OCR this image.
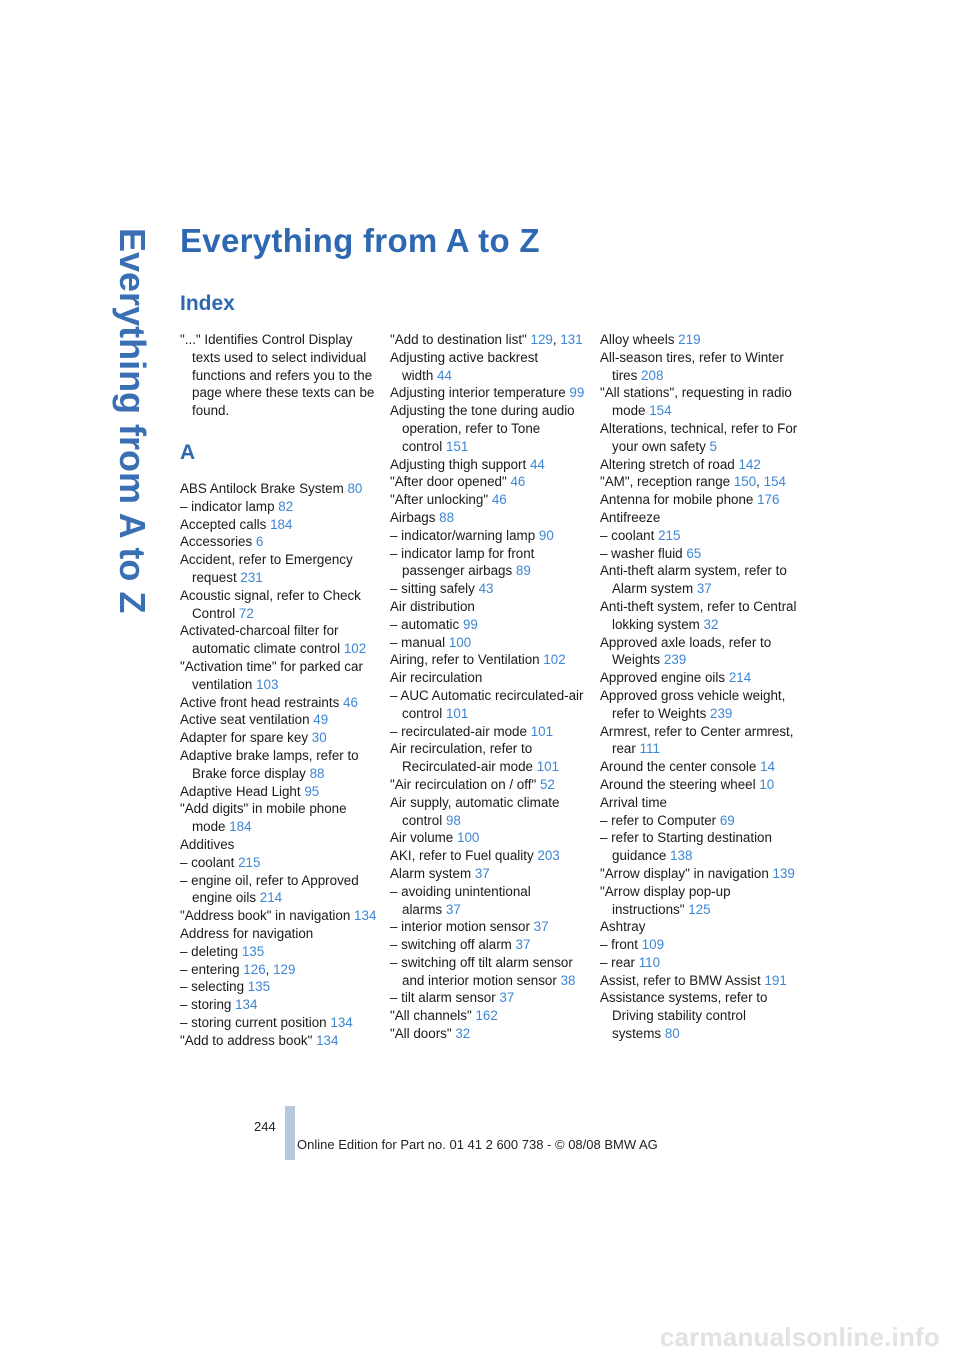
Everything from A to Z Everything from A to Z
Index

"..." Identifies Control Display texts used to select individual functions and refers you to the page where these texts can be found.

A

ABS Antilock Brake System 80

– indicator lamp 82

Accepted calls 184

Accessories 6

Accident, refer to Emergency request 231

Acoustic signal, refer to Check Control 72

Activated-charcoal filter for automatic climate control 102

"Activation time" for parked car ventilation 103

Active front head restraints 46

Active seat ventilation 49

Adapter for spare key 30

Adaptive brake lamps, refer to Brake force display 88

Adaptive Head Light 95

"Add digits" in mobile phone mode 184

Additives

– coolant 215

– engine oil, refer to Approved engine oils 214

"Address book" in navigation 134

Address for navigation

– deleting 135

– entering 126, 129

– selecting 135

– storing 134

– storing current position 134

"Add to address book" 134

"Add to destination list" 129, 131

Adjusting active backrest width 44

Adjusting interior temperature 99

Adjusting the tone during audio operation, refer to Tone control 151

Adjusting thigh support 44

"After door opened" 46

"After unlocking" 46

Airbags 88

– indicator/warning lamp 90

– indicator lamp for front passenger airbags 89

– sitting safely 43

Air distribution

– automatic 99

– manual 100

Airing, refer to Ventilation 102

Air recirculation

– AUC Automatic recirculated-air control 101

– recirculated-air mode 101

Air recirculation, refer to Recirculated-air mode 101

"Air recirculation on / off" 52

Air supply, automatic climate control 98

Air volume 100

AKI, refer to Fuel quality 203

Alarm system 37

– avoiding unintentional alarms 37

– interior motion sensor 37

– switching off alarm 37

– switching off tilt alarm sensor and interior motion sensor 38

– tilt alarm sensor 37

"All channels" 162

"All doors" 32

Alloy wheels 219

All-season tires, refer to Winter tires 208

"All stations", requesting in radio mode 154

Alterations, technical, refer to For your own safety 5

Altering stretch of road 142

"AM", reception range 150, 154

Antenna for mobile phone 176

Antifreeze

– coolant 215

– washer fluid 65

Anti-theft alarm system, refer to Alarm system 37

Anti-theft system, refer to Central lokking system 32

Approved axle loads, refer to Weights 239

Approved engine oils 214

Approved gross vehicle weight, refer to Weights 239

Armrest, refer to Center armrest, rear 111

Around the center console 14

Around the steering wheel 10

Arrival time

– refer to Computer 69

– refer to Starting destination guidance 138

"Arrow display" in navigation 139

"Arrow display pop-up instructions" 125

Ashtray

– front 109

– rear 110

Assist, refer to BMW Assist 191

Assistance systems, refer to Driving stability control systems 80

244
Online Edition for Part no. 01 41 2 600 738 - © 08/08 BMW AG
carmanualsonline.info
